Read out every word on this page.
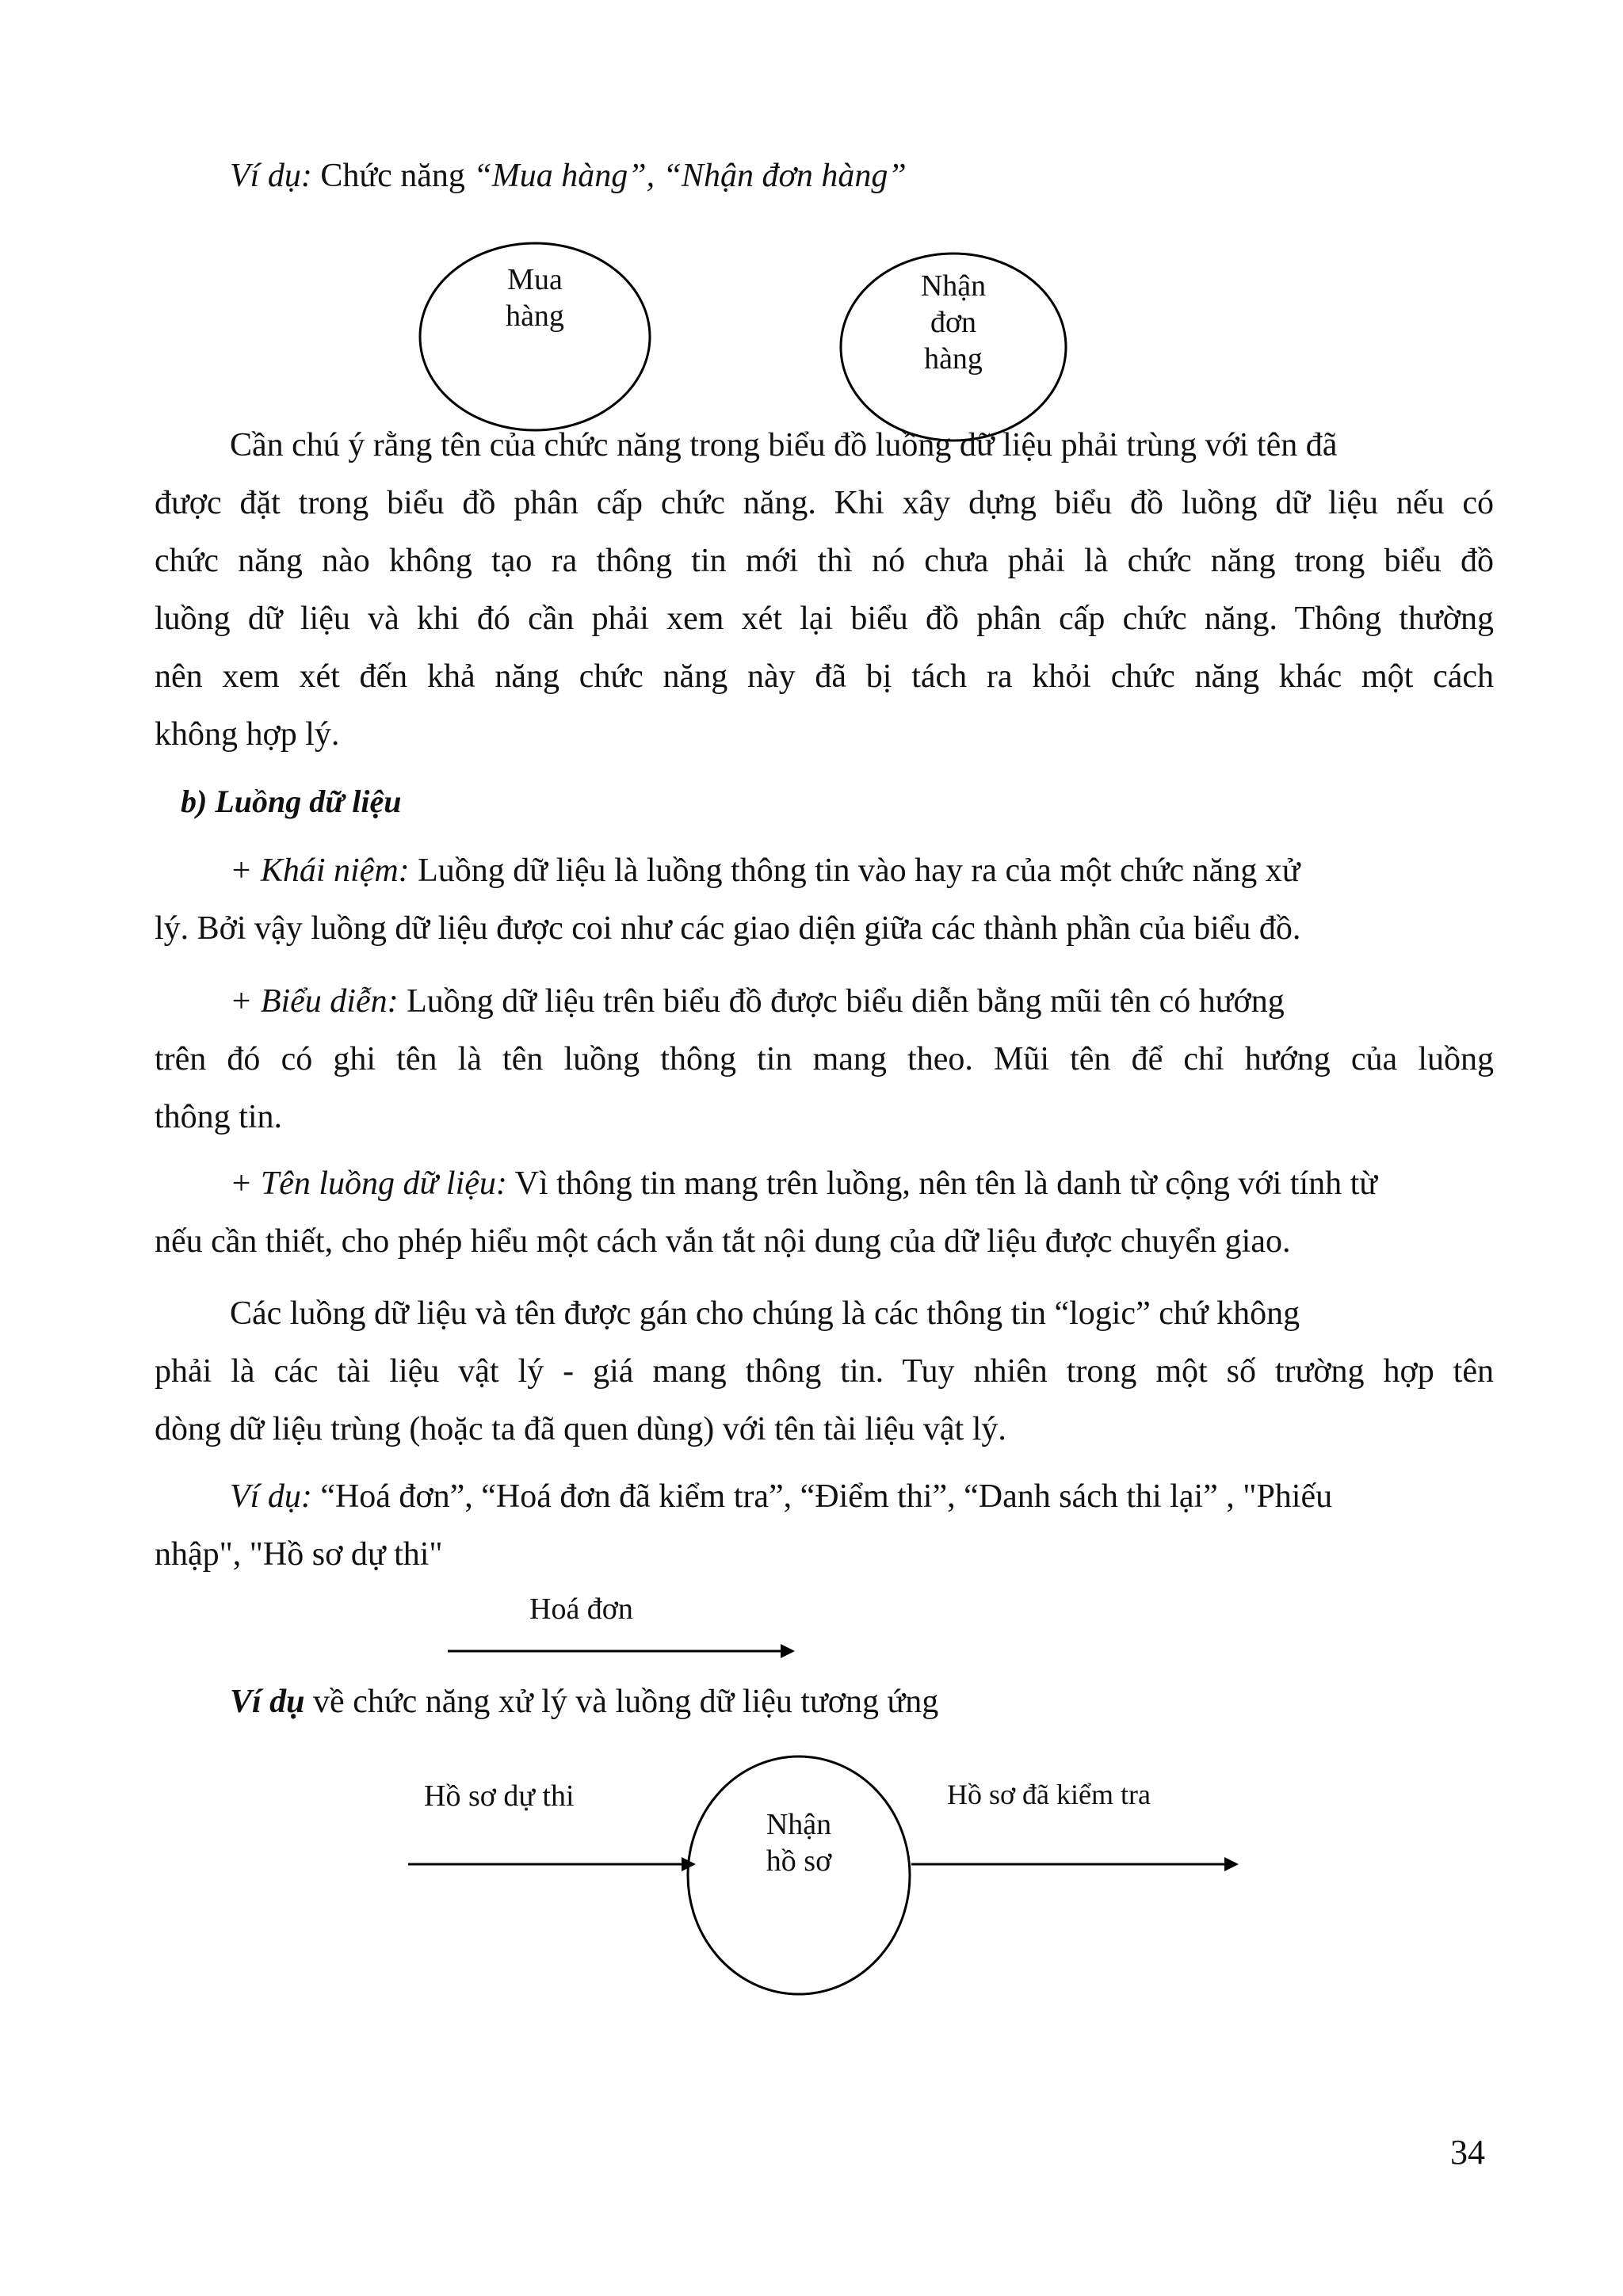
Ví dụ: Chức năng “Mua hàng”, “Nhận đơn hàng”
Mua
hàng
Nhận
đơn
hàng
Cần chú ý rằng tên của chức năng trong biểu đồ luồng dữ liệu phải trùng với tên đã
được đặt trong biểu đồ phân cấp chức năng. Khi xây dựng biểu đồ luồng dữ liệu nếu có
chức năng nào không tạo ra thông tin mới thì nó chưa phải là chức năng trong biểu đồ
luồng dữ liệu và khi đó cần phải xem xét lại biểu đồ phân cấp chức năng. Thông thường
nên xem xét đến khả năng chức năng này đã bị tách ra khỏi chức năng khác một cách
không hợp lý.
b) Luồng dữ liệu
+ Khái niệm: Luồng dữ liệu là luồng thông tin vào hay ra của một chức năng xử
lý. Bởi vậy luồng dữ liệu được coi như các giao diện giữa các thành phần của biểu đồ.
+ Biểu diễn: Luồng dữ liệu trên biểu đồ được biểu diễn bằng mũi tên có hướng
trên đó có ghi tên là tên luồng thông tin mang theo. Mũi tên để chỉ hướng của luồng
thông tin.
+ Tên luồng dữ liệu: Vì thông tin mang trên luồng, nên tên là danh từ cộng với tính từ
nếu cần thiết, cho phép hiểu một cách vắn tắt nội dung của dữ liệu được chuyển giao.
Các luồng dữ liệu và tên được gán cho chúng là các thông tin “logic” chứ không
phải là các tài liệu vật lý - giá mang thông tin. Tuy nhiên trong một số trường hợp tên
dòng dữ liệu trùng (hoặc ta đã quen dùng) với tên tài liệu vật lý.
Ví dụ: “Hoá đơn”, “Hoá đơn đã kiểm tra”, “Điểm thi”, “Danh sách thi lại” , "Phiếu
nhập", "Hồ sơ dự thi"
Hoá đơn
Ví dụ về chức năng xử lý và luồng dữ liệu tương ứng
Hồ sơ dự thi
Nhận
hồ sơ
Hồ sơ đã kiểm tra
34
